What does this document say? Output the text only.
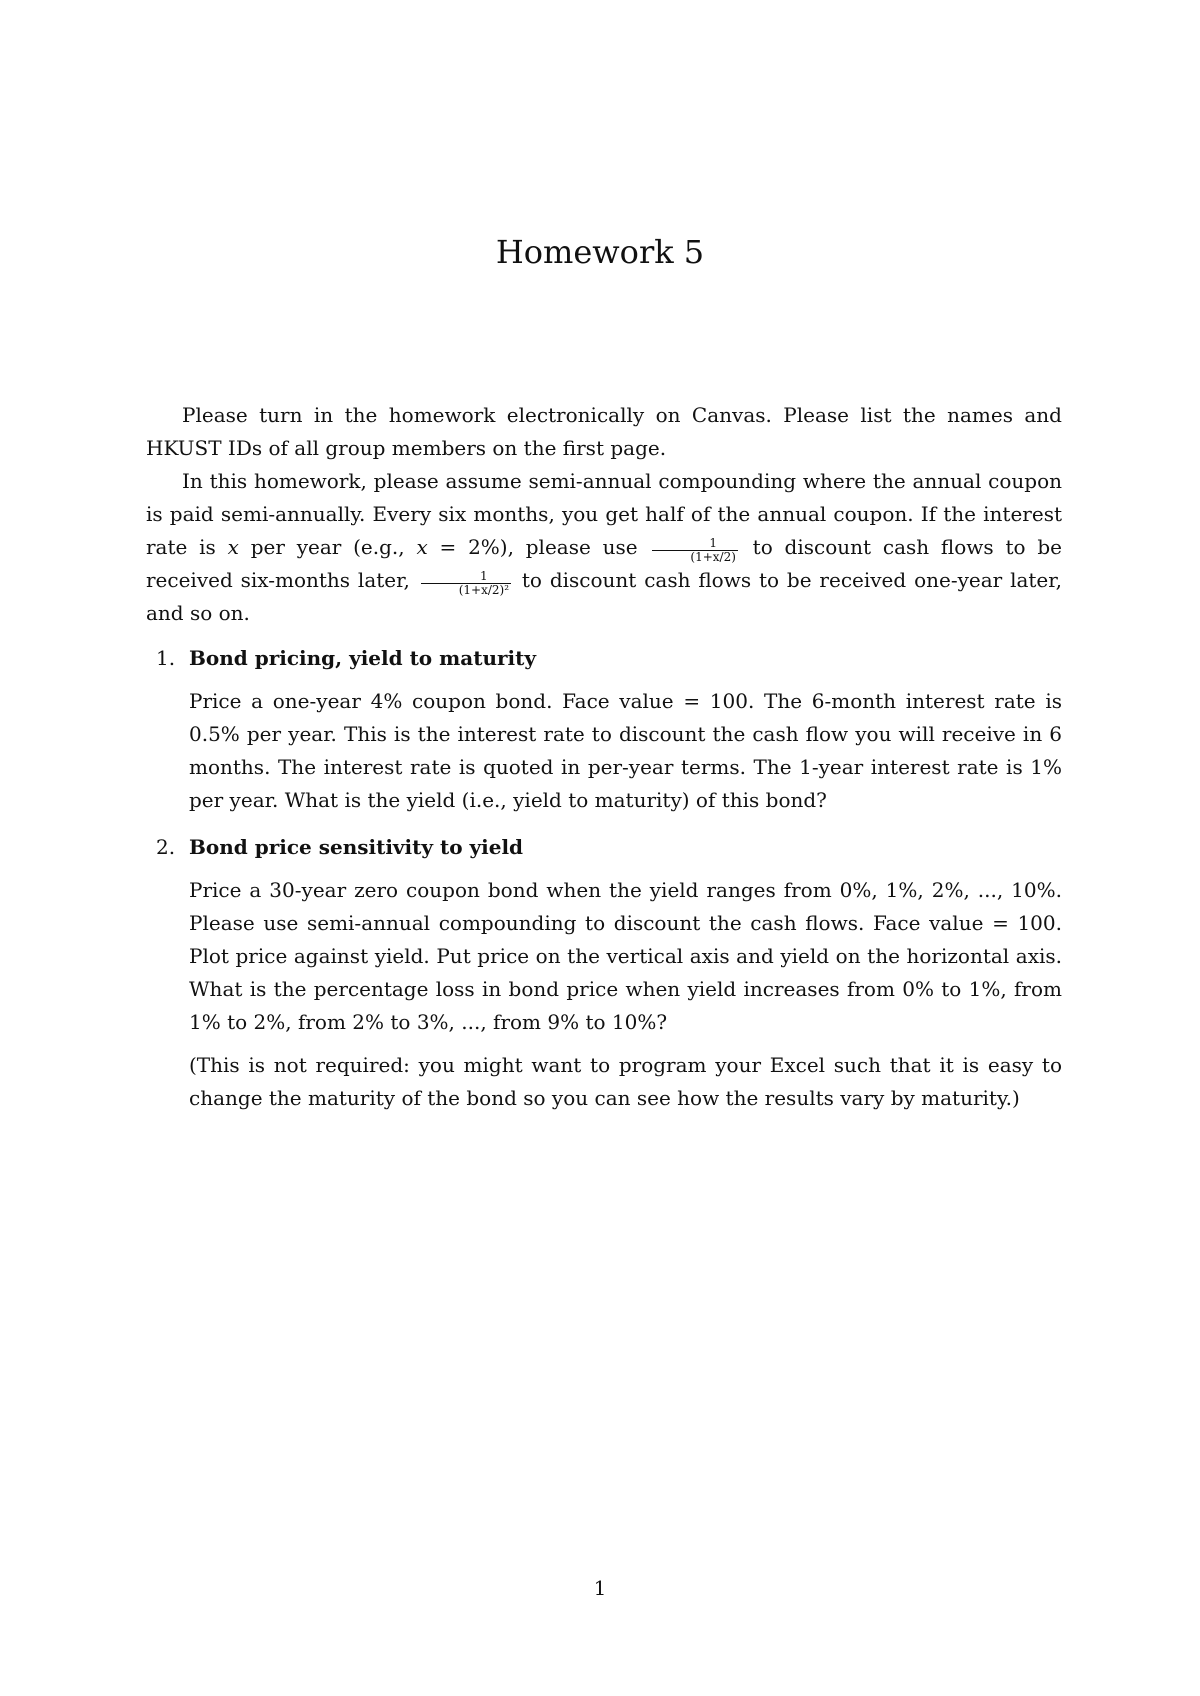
Homework 5

Please turn in the homework electronically on Canvas. Please list the names and HKUST IDs of all group members on the first page.

In this homework, please assume semi-annual compounding where the annual coupon is paid semi-annually. Every six months, you get half of the annual coupon. If the interest rate is x per year (e.g., x = 2%), please use $\frac{1}{(1+x/2)}$ to discount cash flows to be received six-months later, $\frac{1}{\text{(1+x/2)²}}$ to discount cash flows to be received one-year later, and so on.

1. Bond pricing, yield to maturity

Price a one-year 4% coupon bond. Face value = 100. The 6-month interest rate is 0.5% per year. This is the interest rate to discount the cash flow you will receive in 6 months. The interest rate is quoted in per-year terms. The 1-year interest rate is 1% per year. What is the yield (i.e., yield to maturity) of this bond?

2. Bond price sensitivity to yield

Price a 30-year zero coupon bond when the yield ranges from 0%, 1%, 2%, ..., 10%. Please use semi-annual compounding to discount the cash flows. Face value = 100. Plot price against yield. Put price on the vertical axis and yield on the horizontal axis. What is the percentage loss in bond price when yield increases from 0% to 1%, from 1% to 2%, from 2% to 3%, ..., from 9% to 10%?

(This is not required: you might want to program your Excel such that it is easy to change the maturity of the bond so you can see how the results vary by maturity.)

1
